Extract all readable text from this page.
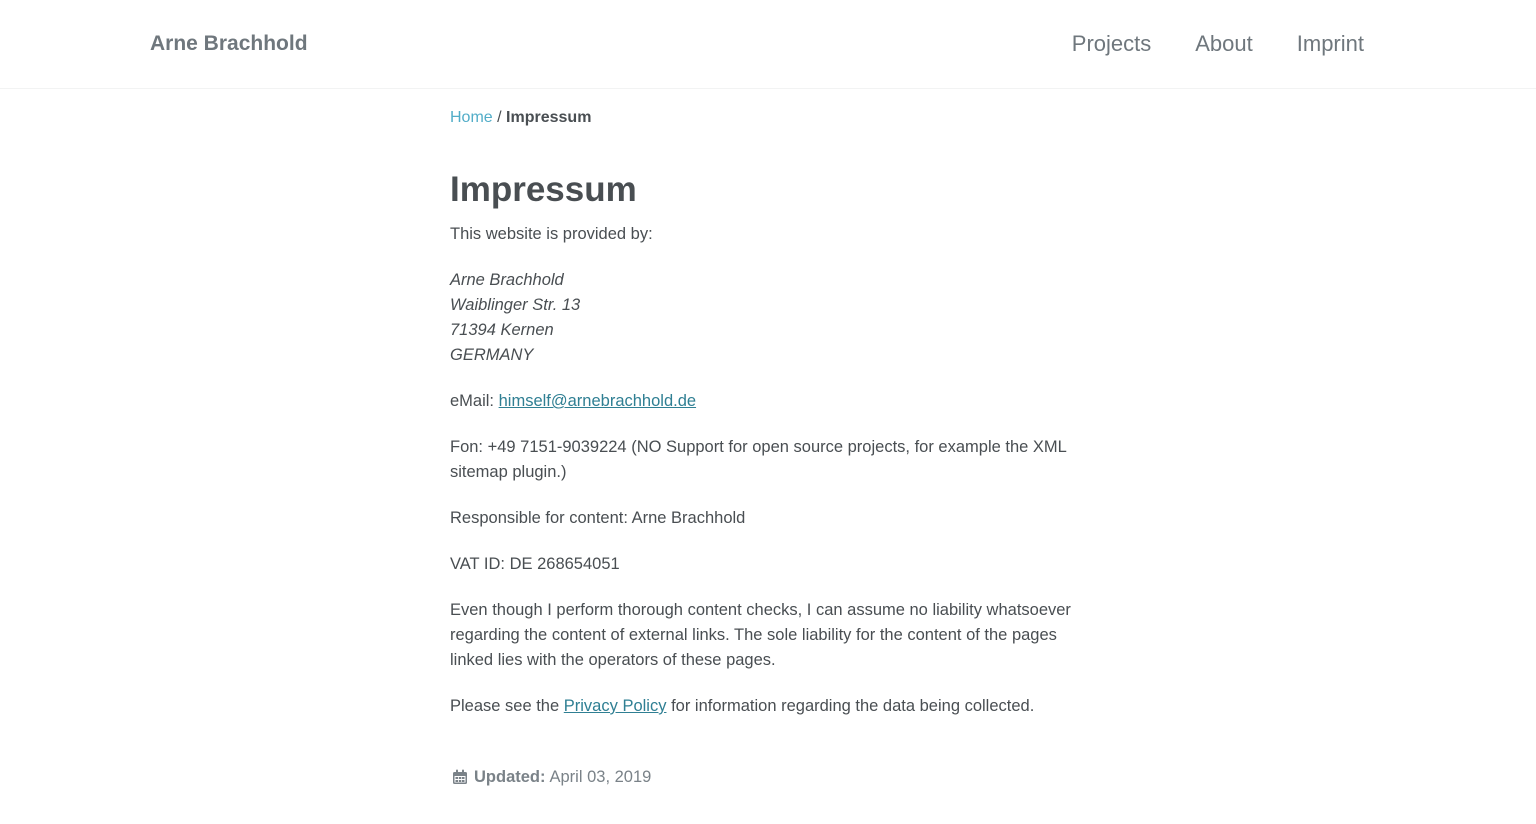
Arne Brachhold	Projects About Imprint
Home / Impressum
Impressum

This website is provided by:

Arne Brachhold
Waiblinger Str. 13
71394 Kernen
GERMANY

eMail: himself@arnebrachhold.de

Fon: +49 7151-9039224 (NO Support for open source projects, for example the XML sitemap plugin.)

Responsible for content: Arne Brachhold

VAT ID: DE 268654051

Even though I perform thorough content checks, I can assume no liability whatsoever regarding the content of external links. The sole liability for the content of the pages linked lies with the operators of these pages.

Please see the Privacy Policy for information regarding the data being collected.

Updated: April 03, 2019
